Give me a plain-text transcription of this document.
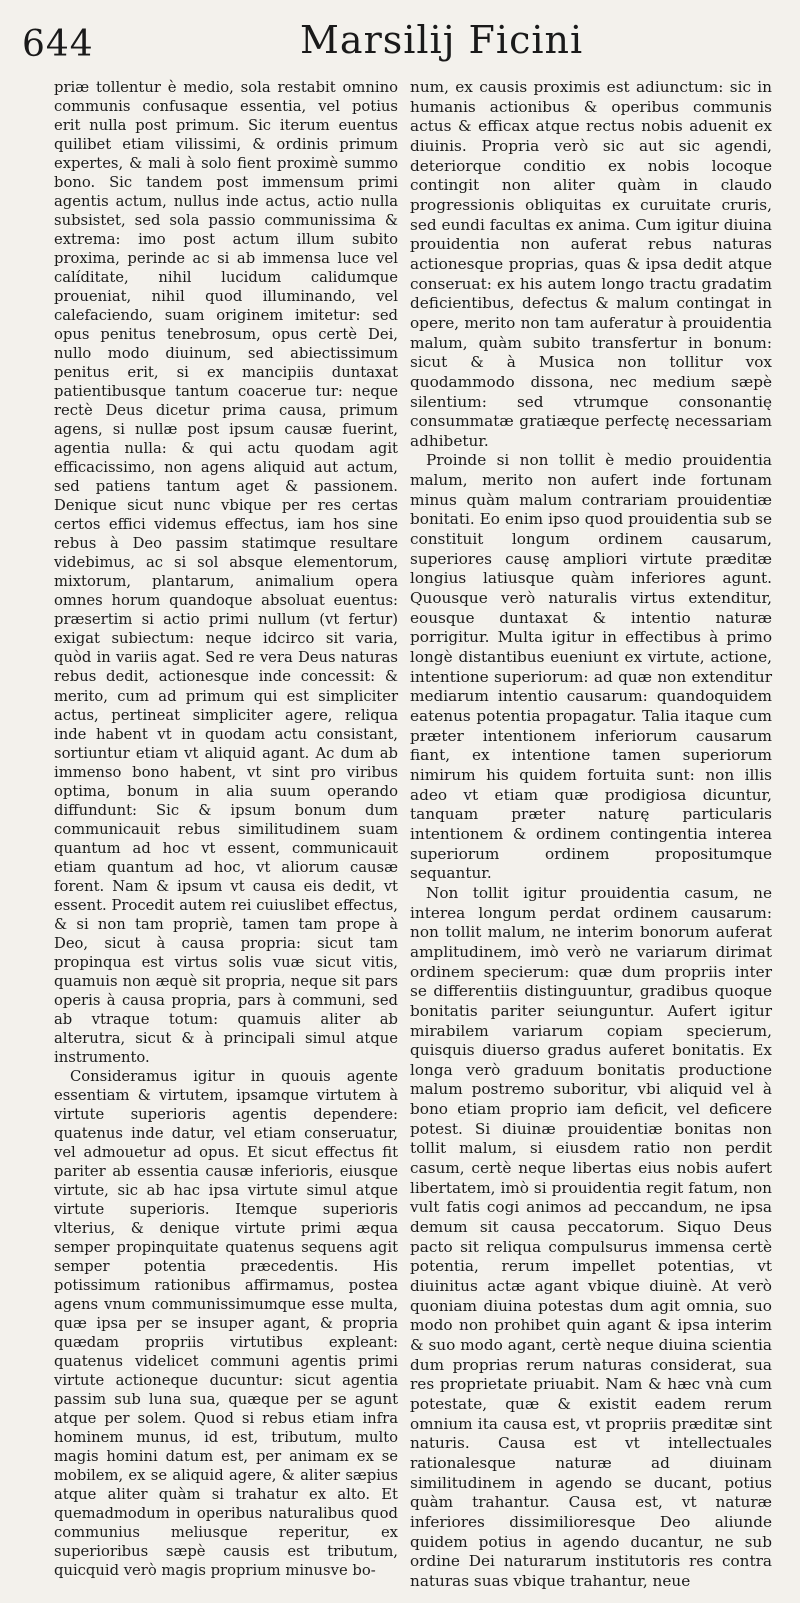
644	Marsilij Ficini

priæ tollentur è medio, sola restabit omnino communis confusaque essentia, vel potius erit nulla post primum. Sic iterum euentus quilibet etiam vilissimi, & ordinis primum expertes, & mali à solo fient proximè summo bono. Sic tandem post immensum primi agentis actum, nullus inde actus, actio nulla subsistet, sed sola passio communissima & extrema: imo post actum illum subito proxima, perinde ac si ab immensa luce vel calíditate, nihil lucidum calidumque proueniat, nihil quod illuminando, vel calefaciendo, suam originem imitetur: sed opus penitus tenebrosum, opus certè Dei, nullo modo diuinum, sed abiectissimum penitus erit, si ex mancipiis duntaxat patientibusque tantum coacerue tur: neque rectè Deus dicetur prima causa, primum agens, si nullæ post ipsum causæ fuerint, agentia nulla: & qui actu quodam agit efficacissimo, non agens aliquid aut actum, sed patiens tantum aget & passionem. Denique sicut nunc vbique per res certas certos effici videmus effectus, iam hos sine rebus à Deo passim statimque resultare videbimus, ac si sol absque elementorum, mixtorum, plantarum, animalium opera omnes horum quandoque absoluat euentus: præsertim si actio primi nullum (vt fertur) exigat subiectum: neque idcirco sit varia, quòd in variis agat. Sed re vera Deus naturas rebus dedit, actionesque inde concessit: & merito, cum ad primum qui est simpliciter actus, pertineat simpliciter agere, reliqua inde habent vt in quodam actu consistant, sortiuntur etiam vt aliquid agant. Ac dum ab immenso bono habent, vt sint pro viribus optima, bonum in alia suum operando diffundunt: Sic & ipsum bonum dum communicauit rebus similitudinem suam quantum ad hoc vt essent, communicauit etiam quantum ad hoc, vt aliorum causæ forent. Nam & ipsum vt causa eis dedit, vt essent. Procedit autem rei cuiuslibet effectus, & si non tam propriè, tamen tam prope à Deo, sicut à causa propria: sicut tam propinqua est virtus solis vuæ sicut vitis, quamuis non æquè sit propria, neque sit pars operis à causa propria, pars à communi, sed ab vtraque totum: quamuis aliter ab alterutra, sicut & à principali simul atque instrumento.

Consideramus igitur in quouis agente essentiam & virtutem, ipsamque virtutem à virtute superioris agentis dependere: quatenus inde datur, vel etiam conseruatur, vel admouetur ad opus. Et sicut effectus fit pariter ab essentia causæ inferioris, eiusque virtute, sic ab hac ipsa virtute simul atque virtute superioris. Itemque superioris vlterius, & denique virtute primi æqua semper propinquitate quatenus sequens agit semper potentia præcedentis. His potissimum rationibus affirmamus, postea agens vnum communissimumque esse multa, quæ ipsa per se insuper agant, & propria quædam propriis virtutibus expleant: quatenus videlicet communi agentis primi virtute actioneque ducuntur: sicut agentia passim sub luna sua, quæque per se agunt atque per solem. Quod si rebus etiam infra hominem munus, id est, tributum, multo magis homini datum est, per animam ex se mobilem, ex se aliquid agere, & aliter sæpius atque aliter quàm si trahatur ex alto. Et quemadmodum in operibus naturalibus quod communius meliusque reperitur, ex superioribus sæpè causis est tributum, quicquid verò magis proprium minusve bo-

num, ex causis proximis est adiunctum: sic in humanis actionibus & operibus communis actus & efficax atque rectus nobis aduenit ex diuinis. Propria verò sic aut sic agendi, deteriorque conditio ex nobis locoque contingit non aliter quàm in claudo progressionis obliquitas ex curuitate cruris, sed eundi facultas ex anima. Cum igitur diuina prouidentia non auferat rebus naturas actionesque proprias, quas & ipsa dedit atque conseruat: ex his autem longo tractu gradatim deficientibus, defectus & malum contingat in opere, merito non tam auferatur à prouidentia malum, quàm subito transfertur in bonum: sicut & à Musica non tollitur vox quodammodo dissona, nec medium sæpè silentium: sed vtrumque consonantię consummatæ gratiæque perfectę necessariam adhibetur.

Proinde si non tollit è medio prouidentia malum, merito non aufert inde fortunam minus quàm malum contrariam prouidentiæ bonitati. Eo enim ipso quod prouidentia sub se constituit longum ordinem causarum, superiores causę ampliori virtute præditæ longius latiusque quàm inferiores agunt. Quousque verò naturalis virtus extenditur, eousque duntaxat & intentio naturæ porrigitur. Multa igitur in effectibus à primo longè distantibus eueniunt ex virtute, actione, intentione superiorum: ad quæ non extenditur mediarum intentio causarum: quandoquidem eatenus potentia propagatur. Talia itaque cum præter intentionem inferiorum causarum fiant, ex intentione tamen superiorum nimirum his quidem fortuita sunt: non illis adeo vt etiam quæ prodigiosa dicuntur, tanquam præter naturę particularis intentionem & ordinem contingentia interea superiorum ordinem propositumque sequantur.

Non tollit igitur prouidentia casum, ne interea longum perdat ordinem causarum: non tollit malum, ne interim bonorum auferat amplitudinem, imò verò ne variarum dirimat ordinem specierum: quæ dum propriis inter se differentiis distinguuntur, gradibus quoque bonitatis pariter seiunguntur. Aufert igitur mirabilem variarum copiam specierum, quisquis diuerso gradus auferet bonitatis. Ex longa verò graduum bonitatis productione malum postremo suboritur, vbi aliquid vel à bono etiam proprio iam deficit, vel deficere potest. Si diuinæ prouidentiæ bonitas non tollit malum, si eiusdem ratio non perdit casum, certè neque libertas eius nobis aufert libertatem, imò si prouidentia regit fatum, non vult fatis cogi animos ad peccandum, ne ipsa demum sit causa peccatorum. Siquo Deus pacto sit reliqua compulsurus immensa certè potentia, rerum impellet potentias, vt diuinitus actæ agant vbique diuinè. At verò quoniam diuina potestas dum agit omnia, suo modo non prohibet quin agant & ipsa interim & suo modo agant, certè neque diuina scientia dum proprias rerum naturas considerat, sua res proprietate priuabit. Nam & hæc vnà cum potestate, quæ & existit eadem rerum omnium ita causa est, vt propriis præditæ sint naturis. Causa est vt intellectuales rationalesque naturæ ad diuinam similitudinem in agendo se ducant, potius quàm trahantur. Causa est, vt naturæ inferiores dissimilioresque Deo aliunde quidem potius in agendo ducantur, ne sub ordine Dei naturarum institutoris res contra naturas suas vbique trahantur, neue
